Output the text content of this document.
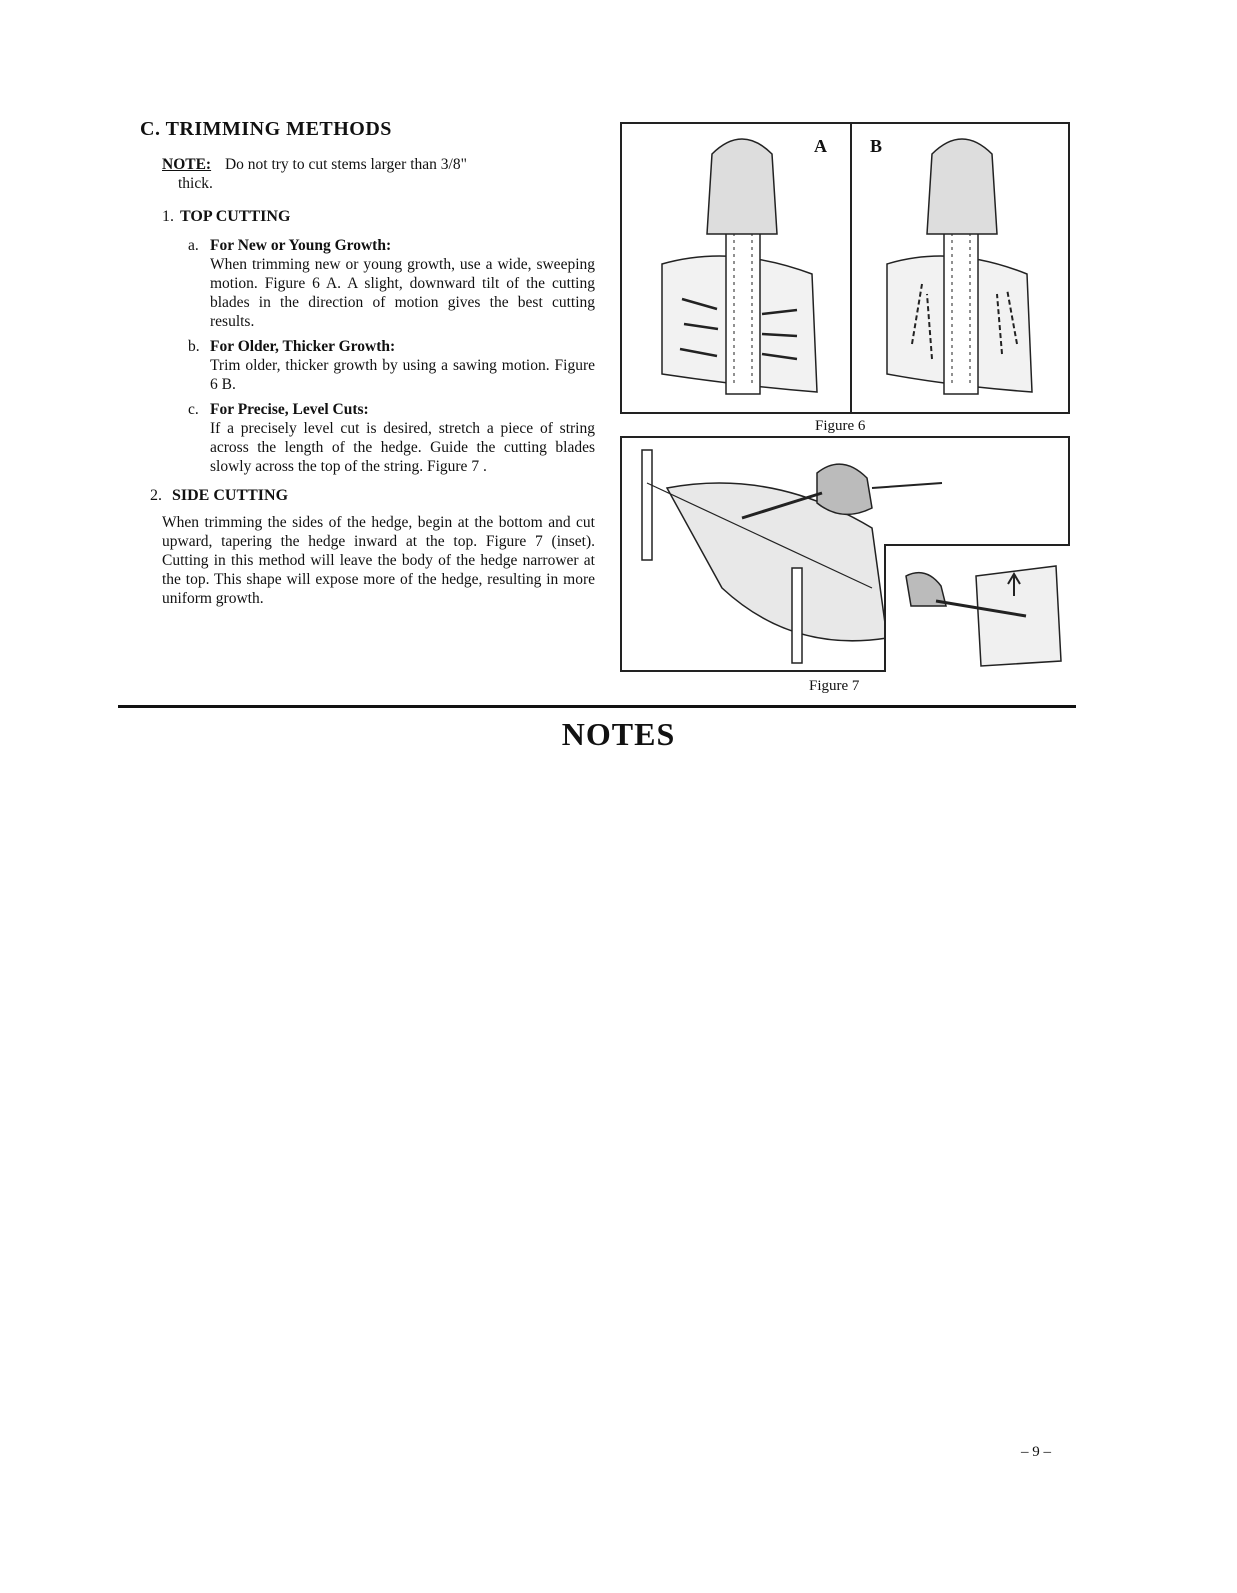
C. TRIMMING METHODS
NOTE: Do not try to cut stems larger than 3/8"
thick.
1. TOP CUTTING
a. For New or Young Growth:
When trimming new or young growth, use a wide, sweeping motion. Figure 6 A. A slight, downward tilt of the cutting blades in the direction of motion gives the best cutting results.
b. For Older, Thicker Growth:
Trim older, thicker growth by using a sawing motion. Figure 6 B.
c. For Precise, Level Cuts:
If a precisely level cut is desired, stretch a piece of string across the length of the hedge. Guide the cutting blades slowly across the top of the string. Figure 7 .
2. SIDE CUTTING
When trimming the sides of the hedge, begin at the bottom and cut upward, tapering the hedge inward at the top. Figure 7 (inset). Cutting in this method will leave the body of the hedge narrower at the top. This shape will expose more of the hedge, resulting in more uniform growth.
A B
Figure 6
Figure 7
NOTES
– 9 –
